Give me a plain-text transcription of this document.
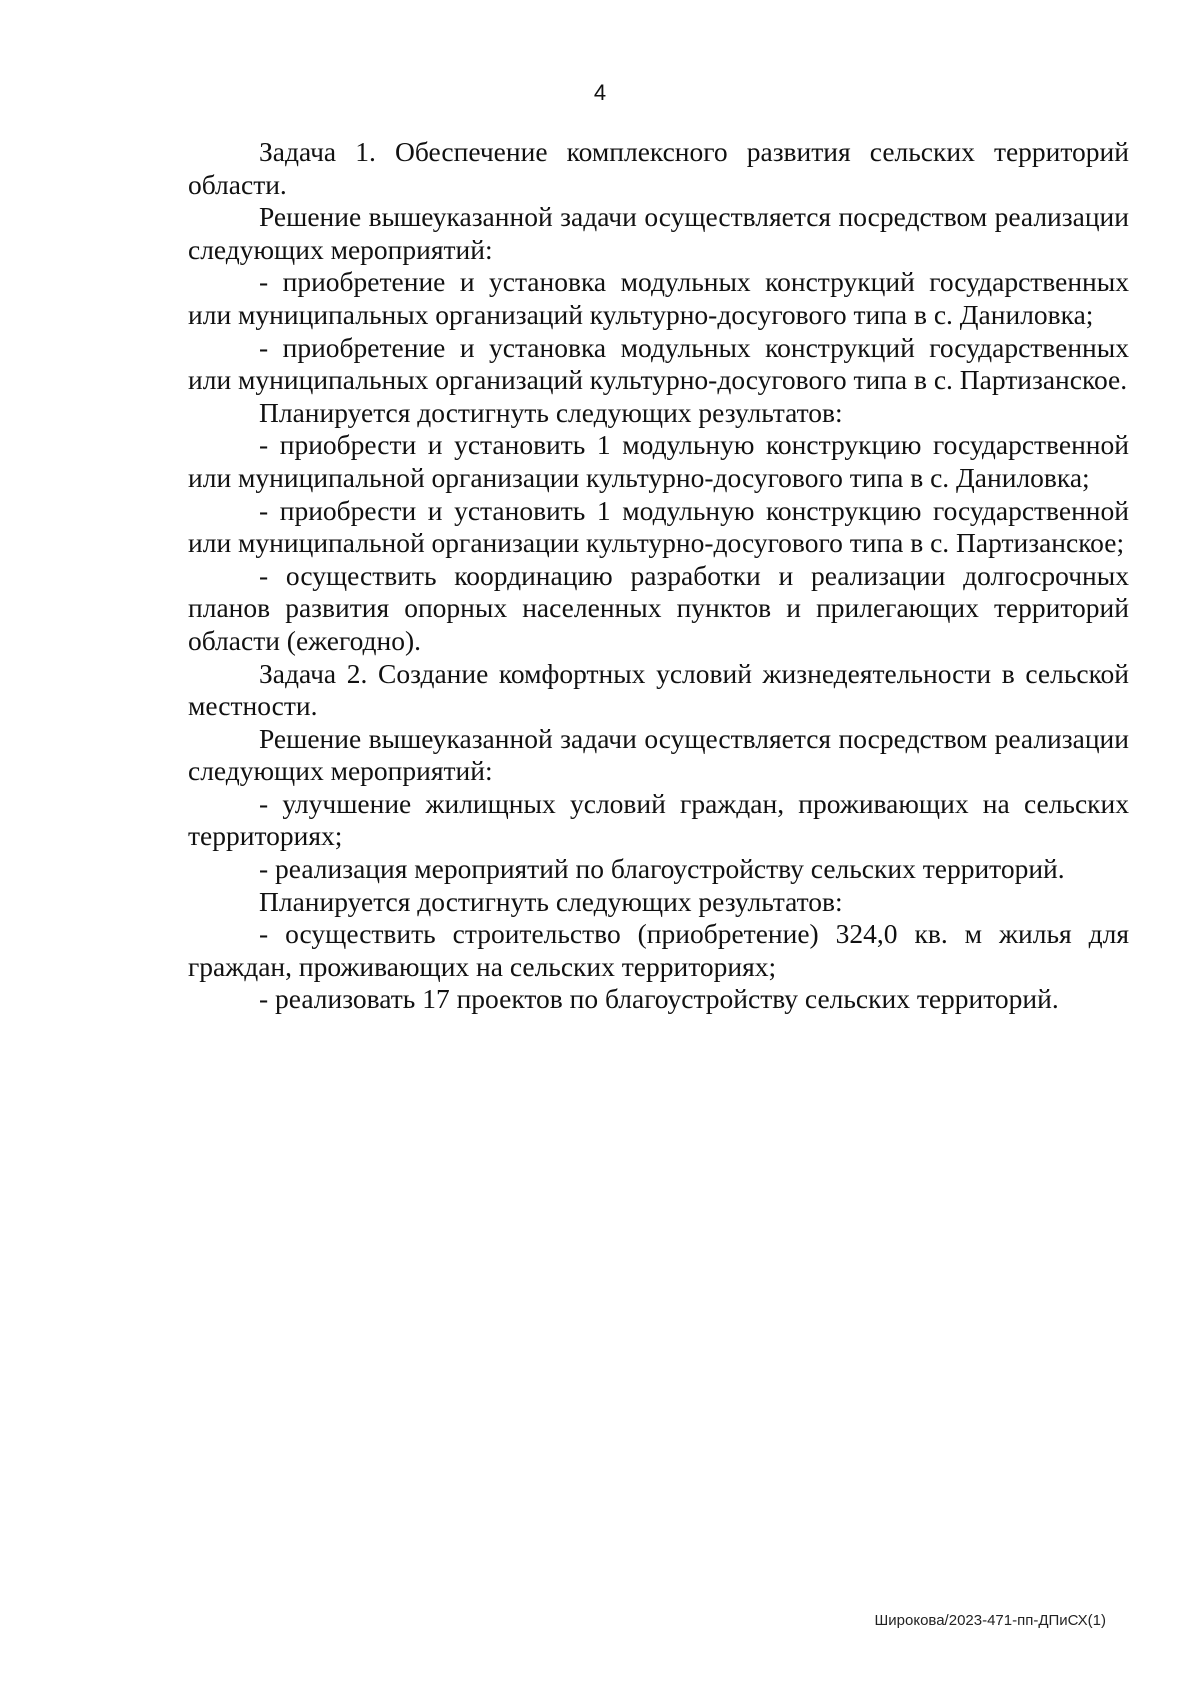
4

Задача 1. Обеспечение комплексного развития сельских территорий области.

Решение вышеуказанной задачи осуществляется посредством реализации следующих мероприятий:

- приобретение и установка модульных конструкций государственных или муниципальных организаций культурно-досугового типа в с. Даниловка;

- приобретение и установка модульных конструкций государственных или муниципальных организаций культурно-досугового типа в с. Партизанское.

Планируется достигнуть следующих результатов:

- приобрести и установить 1 модульную конструкцию государственной или муниципальной организации культурно-досугового типа в с. Даниловка;

- приобрести и установить 1 модульную конструкцию государственной или муниципальной организации культурно-досугового типа в с. Партизанское;

- осуществить координацию разработки и реализации долгосрочных планов развития опорных населенных пунктов и прилегающих территорий области (ежегодно).

Задача 2. Создание комфортных условий жизнедеятельности в сельской местности.

Решение вышеуказанной задачи осуществляется посредством реализации следующих мероприятий:

- улучшение жилищных условий граждан, проживающих на сельских территориях;

- реализация мероприятий по благоустройству сельских территорий.

Планируется достигнуть следующих результатов:

- осуществить строительство (приобретение) 324,0 кв. м жилья для граждан, проживающих на сельских территориях;

- реализовать 17 проектов по благоустройству сельских территорий.

Широкова/2023-471-пп-ДПиСХ(1)
